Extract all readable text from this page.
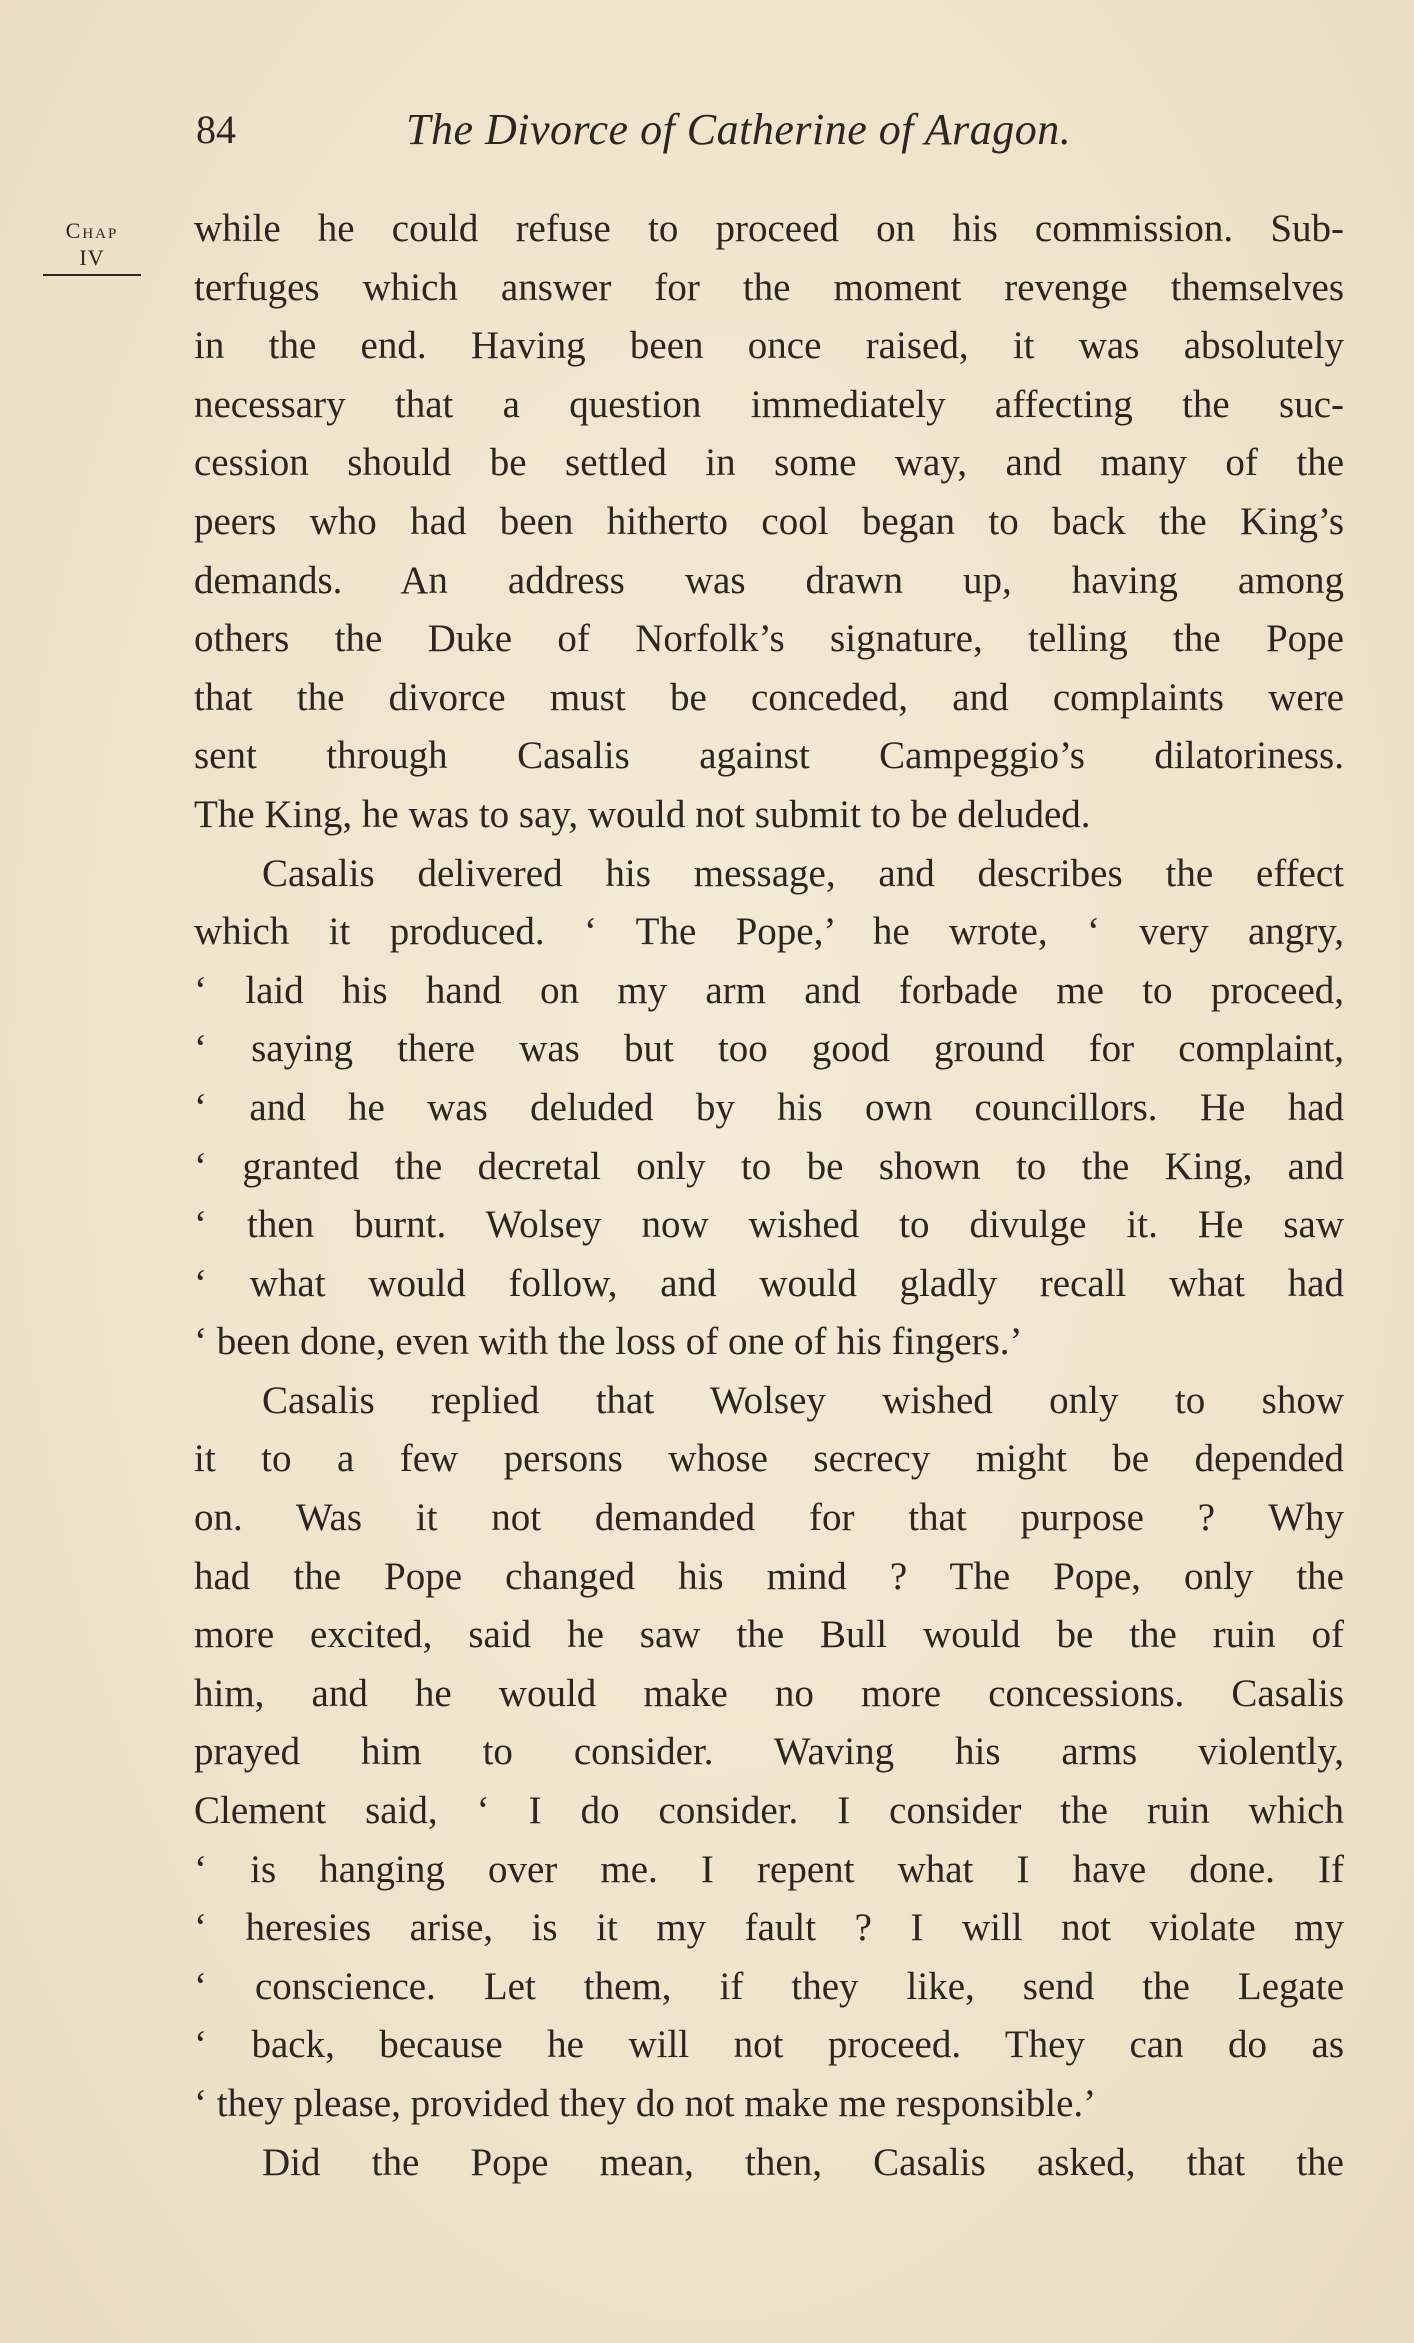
84	The Divorce of Catherine of Aragon.
Chap
IV
while he could refuse to proceed on his commission. Sub-
terfuges which answer for the moment revenge themselves
in the end. Having been once raised, it was absolutely
necessary that a question immediately affecting the suc-
cession should be settled in some way, and many of the
peers who had been hitherto cool began to back the King’s
demands. An address was drawn up, having among
others the Duke of Norfolk’s signature, telling the Pope
that the divorce must be conceded, and complaints were
sent through Casalis against Campeggio’s dilatoriness.
The King, he was to say, would not submit to be deluded.
Casalis delivered his message, and describes the effect
which it produced. ‘ The Pope,’ he wrote, ‘ very angry,
‘ laid his hand on my arm and forbade me to proceed,
‘ saying there was but too good ground for complaint,
‘ and he was deluded by his own councillors. He had
‘ granted the decretal only to be shown to the King, and
‘ then burnt. Wolsey now wished to divulge it. He saw
‘ what would follow, and would gladly recall what had
‘ been done, even with the loss of one of his fingers.’
Casalis replied that Wolsey wished only to show
it to a few persons whose secrecy might be depended
on. Was it not demanded for that purpose ? Why
had the Pope changed his mind ? The Pope, only the
more excited, said he saw the Bull would be the ruin of
him, and he would make no more concessions. Casalis
prayed him to consider. Waving his arms violently,
Clement said, ‘ I do consider. I consider the ruin which
‘ is hanging over me. I repent what I have done. If
‘ heresies arise, is it my fault ? I will not violate my
‘ conscience. Let them, if they like, send the Legate
‘ back, because he will not proceed. They can do as
‘ they please, provided they do not make me responsible.’
Did the Pope mean, then, Casalis asked, that the
